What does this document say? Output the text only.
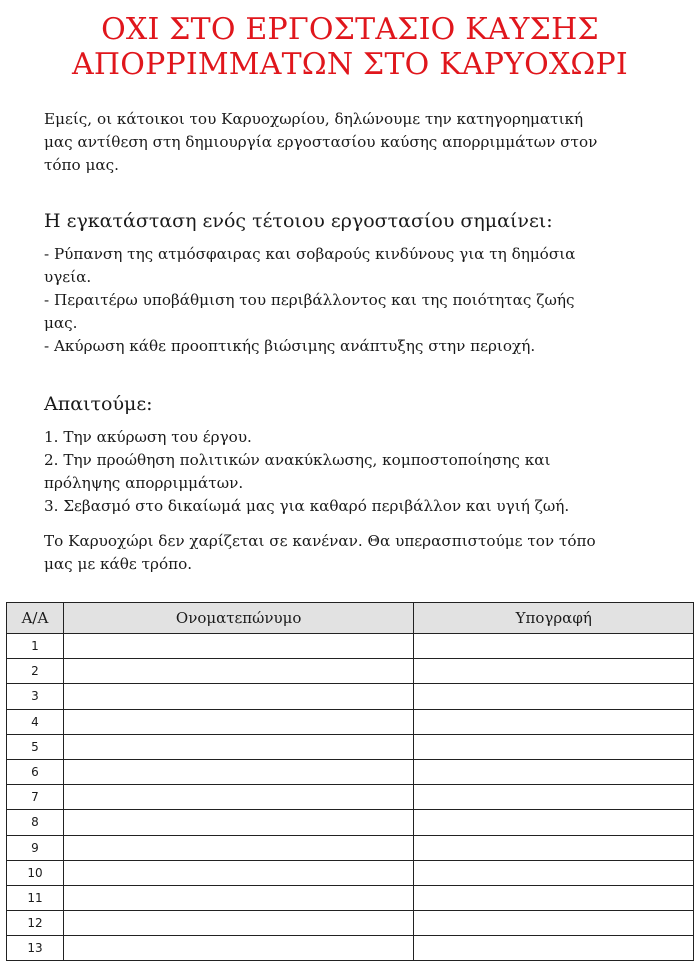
ΟΧΙ ΣΤΟ ΕΡΓΟΣΤΑΣΙΟ ΚΑΥΣΗΣ
ΑΠΟΡΡΙΜΜΑΤΩΝ ΣΤΟ ΚΑΡΥΟΧΩΡΙ
Εμείς, οι κάτοικοι του Καρυοχωρίου, δηλώνουμε την κατηγορηματική
μας αντίθεση στη δημιουργία εργοστασίου καύσης απορριμμάτων στον
τόπο μας.
Η εγκατάσταση ενός τέτοιου εργοστασίου σημαίνει:
- Ρύπανση της ατμόσφαιρας και σοβαρούς κινδύνους για τη δημόσια
υγεία.
- Περαιτέρω υποβάθμιση του περιβάλλοντος και της ποιότητας ζωής
μας.
- Ακύρωση κάθε προοπτικής βιώσιμης ανάπτυξης στην περιοχή.
Απαιτούμε:
1. Την ακύρωση του έργου.
2. Την προώθηση πολιτικών ανακύκλωσης, κομποστοποίησης και
πρόληψης απορριμμάτων.
3. Σεβασμό στο δικαίωμά μας για καθαρό περιβάλλον και υγιή ζωή.
Το Καρυοχώρι δεν χαρίζεται σε κανέναν. Θα υπερασπιστούμε τον τόπο
μας με κάθε τρόπο.
Α/Α	Ονοματεπώνυμο	Υπογραφή
1		
2		
3		
4		
5		
6		
7		
8		
9		
10		
11		
12		
13		
